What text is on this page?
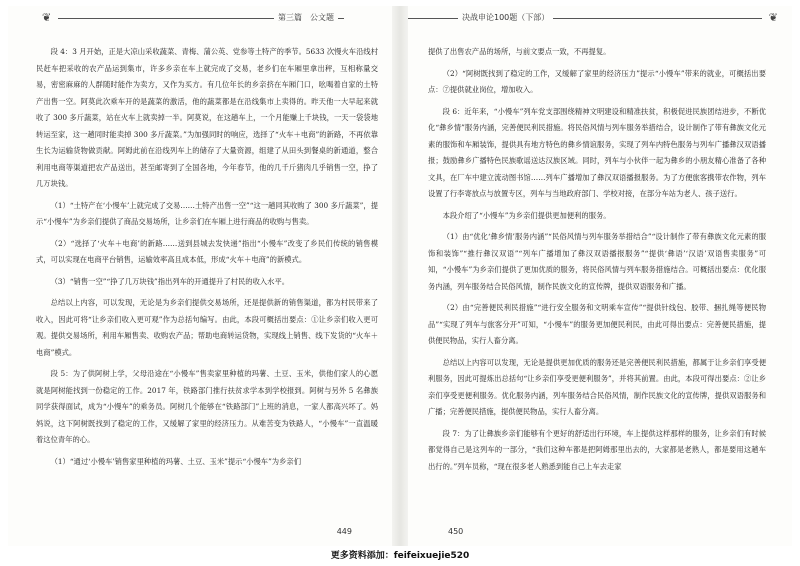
❦	第三篇　公文题

段 4：3 月开始，正是大凉山采收蔬菜、青梅、蒲公英、党参等土特产的季节。5633 次慢火车沿线村民赶车把采收的农产品运到集市，许多乡亲在车上就完成了交易，老乡们在车厢里拿出秤，互相称量交易，密密麻麻的人群随时能作为卖方，又作为买方。有几位年长的乡亲挤在车厢门口，吆喝着自家的土特产出售一空。阿莫此次乘车开的是蔬菜的激活，他的蔬菜都是在沿线集市上卖得的。昨天他一大早起来就收了 300 多斤蔬菜，站在火车上就卖掉一半。阿莫说，在这趟车上，一个月能赚上千块钱，一天一袋袋地转运至家，这一趟同时能卖掉 300 多斤蔬菜。”为加强同时的响应，选择了“火车＋电商”的新路，不再依靠生长为运输货物做贡献。阿姆此前在沿线列车上的储存了大量资源，组建了从田头到餐桌的新通道，整合利用电商等渠道把农产品送出，甚至邮寄到了全国各地，今年春节，他的几千斤猪肉几乎销售一空，挣了几万块钱。

（1）“土特产在‘小慢车’上就完成了交易……土特产出售一空”“这一趟同其收购了 300 多斤蔬菜”，提示“小慢车”为乡亲们提供了商品交易场所，让乡亲们在车厢上进行商品的收购与售卖。

（2）“选择了‘火车＋电商’的新路……送到县城去发快递”指出“小慢车”改变了乡民们传统的销售模式，可以实现在电商平台销售，运输效率高且成本低，形成“火车＋电商”的新模式。

（3）“销售一空”“挣了几万块钱”指出列车的开通提升了村民的收入水平。

总结以上内容，可以发现，无论是为乡亲们提供交易场所，还是提供新的销售渠道，都为村民带来了收入，因此可将“让乡亲们收入更可观”作为总括句编写。由此，本段可概括出要点：①让乡亲们收入更可观。提供交易场所，利用车厢售卖、收购农产品；帮助电商转运货物，实现线上销售、线下发货的“火车＋电商”模式。

段 5：为了供阿树上学，父母沿途在“小慢车”售卖家里种植的玛薯、土豆、玉米，供他们家人的心愿就是阿树能找到一份稳定的工作。2017 年，铁路部门推行扶贫求学本到学校报到。阿树与另外 5 名彝族同学获得面试，成为“小慢车”的乘务员。阿树几个能够在“铁路部门”上班的消息，一家人都高兴坏了。妈妈说，这下阿树既找到了稳定的工作，又缓解了家里的经济压力。从难苦变为铁路人，“小慢车”一直温暖着这位青年的心。

（1）“通过‘小慢车’销售家里种植的玛薯、土豆、玉米”提示“小慢车”为乡亲们

449
决战申论100题（下部）	❦

提供了出售农产品的场所，与前文要点一致，不再提复。

（2）“阿树既找到了稳定的工作，又缓解了家里的经济压力”提示“小慢车”带来的就业，可概括出要点：⑦提供就业岗位，增加收入。

段 6：近年来，“小慢车”列车党支部围绕精神文明建设和精准扶贫，积极促进民族团结进步，不断优化“彝乡情”服务内涵，完善便民利民措施。将民俗风情与列车服务举措结合，设计制作了带有彝族文化元素的服饰和车厢装饰，提供具有地方特色的彝乡情谊服务，实现了列车内特色服务与列车广播彝汉双语播报；鼓励彝乡广播特色民族歌谣送达汉族区域。同时，列车与小伙伴一起为彝乡的小朋友精心准备了各种文具，在厂车中建立流动图书馆……列车广播增加了彝汉双语播报服务。为了方便旅客携带农作物，列车设置了行李寄放点与放置专区，列车与当地政府部门、学校对接，在部分车站为老人、孩子送行。

本段介绍了“小慢车”为乡亲们提供更加便利的服务。

（1）由“优化‘彝乡情’服务内涵”“民俗风情与列车服务举措结合”“设计制作了带有彝族文化元素的服饰和装饰”“推行彝汉双语”“列车广播增加了彝汉双语播报服务”“提供‘彝语’‘汉语’双语售卖服务”可知，“小慢车”为乡亲们提供了更加优质的服务，将民俗风情与列车服务措施结合。可概括出要点：优化服务内涵，列车服务结合民俗风情，制作民族文化的宣传牌，提供双语服务和广播。

（2）由“完善便民利民措施”“进行安全服务和文明乘车宣传”“提供针线包、胶带、捆扎绳等便民物品”“实现了列车与旅客分开”可知，“小慢车”的服务更加便民利民，由此可得出要点：完善便民措施，提供便民物品，实行人畜分离。

总结以上内容可以发现，无论是提供更加优质的服务还是完善便民利民措施，都属于让乡亲们享受便利服务，因此可提炼出总括句“让乡亲们享受更便利服务”，并将其前置。由此，本段可得出要点：②让乡亲们享受更便利服务。优化服务内涵，列车服务结合民俗风情，制作民族文化的宣传牌，提供双语服务和广播；完善便民措施，提供便民物品，实行人畜分离。

段 7：为了让彝族乡亲们能够有个更好的舒适出行环境，车上提供这样那样的服务，让乡亲们有时候都觉得自己是这列车的一部分，“我们这种车都是把阿姆那里出去的，大家都是老熟人，都是要用这趟车出行的。”列车员称，“现在很多老人熟悉到能自己上车去走家

450
更多资料添加：feifeixuejie520
